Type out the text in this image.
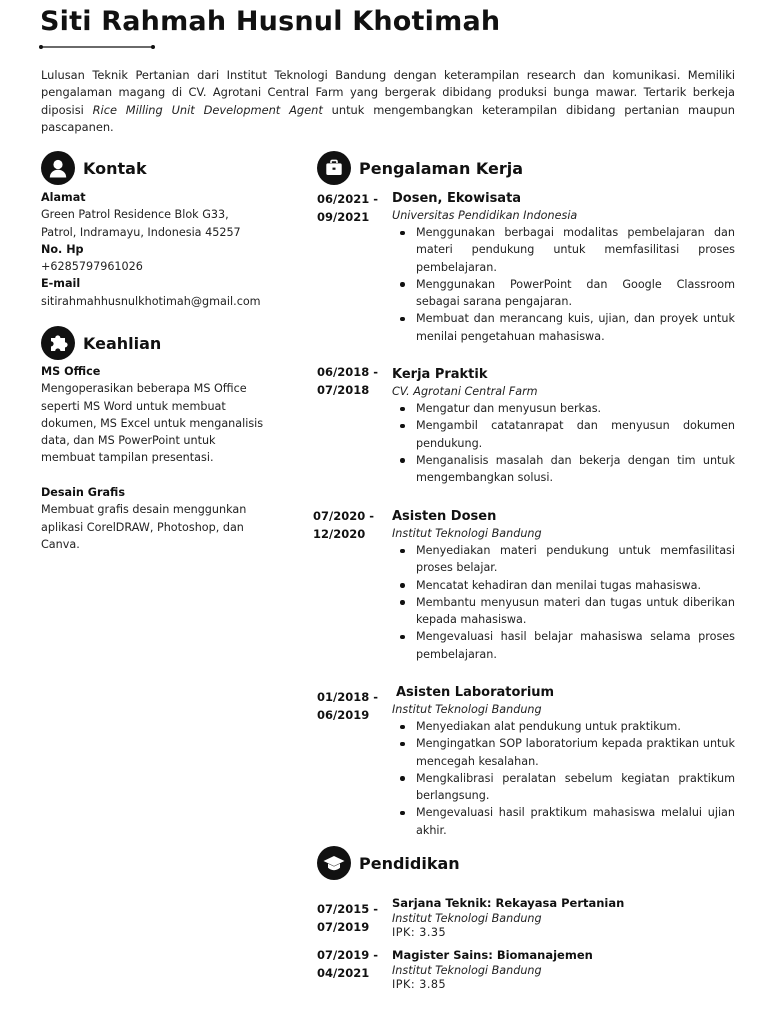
Siti Rahmah Husnul Khotimah

Lulusan Teknik Pertanian dari Institut Teknologi Bandung dengan keterampilan research dan komunikasi. Memiliki pengalaman magang di CV. Agrotani Central Farm yang bergerak dibidang produksi bunga mawar. Tertarik berkeja diposisi Rice Milling Unit Development Agent untuk mengembangkan keterampilan dibidang pertanian maupun pascapanen.

Kontak
Alamat
Green Patrol Residence Blok G33,
Patrol, Indramayu, Indonesia 45257
No. Hp
+6285797961026
E-mail
sitirahmahhusnulkhotimah@gmail.com
Keahlian
MS Office
Mengoperasikan beberapa MS Office
seperti MS Word untuk membuat
dokumen, MS Excel untuk menganalisis
data, dan MS PowerPoint untuk
membuat tampilan presentasi.
Desain Grafis
Membuat grafis desain menggunkan
aplikasi CorelDRAW, Photoshop, dan
Canva.
Pengalaman Kerja
06/2021 -
09/2021
Dosen, Ekowisata
Universitas Pendidikan Indonesia
Menggunakan berbagai modalitas pembelajaran dan materi pendukung untuk memfasilitasi proses pembelajaran.
Menggunakan PowerPoint dan Google Classroom sebagai sarana pengajaran.
Membuat dan merancang kuis, ujian, dan proyek untuk menilai pengetahuan mahasiswa.
06/2018 -
07/2018
Kerja Praktik
CV. Agrotani Central Farm
Mengatur dan menyusun berkas.
Mengambil catatanrapat dan menyusun dokumen pendukung.
Menganalisis masalah dan bekerja dengan tim untuk mengembangkan solusi.
07/2020 -
12/2020
Asisten Dosen
Institut Teknologi Bandung
Menyediakan materi pendukung untuk memfasilitasi proses belajar.
Mencatat kehadiran dan menilai tugas mahasiswa.
Membantu menyusun materi dan tugas untuk diberikan kepada mahasiswa.
Mengevaluasi hasil belajar mahasiswa selama proses pembelajaran.
01/2018 -
06/2019
Asisten Laboratorium
Institut Teknologi Bandung
Menyediakan alat pendukung untuk praktikum.
Mengingatkan SOP laboratorium kepada praktikan untuk mencegah kesalahan.
Mengkalibrasi peralatan sebelum kegiatan praktikum berlangsung.
Mengevaluasi hasil praktikum mahasiswa melalui ujian akhir.
Pendidikan
07/2015 -
07/2019
Sarjana Teknik: Rekayasa Pertanian
Institut Teknologi Bandung
IPK: 3.35
07/2019 -
04/2021
Magister Sains: Biomanajemen
Institut Teknologi Bandung
IPK: 3.85
